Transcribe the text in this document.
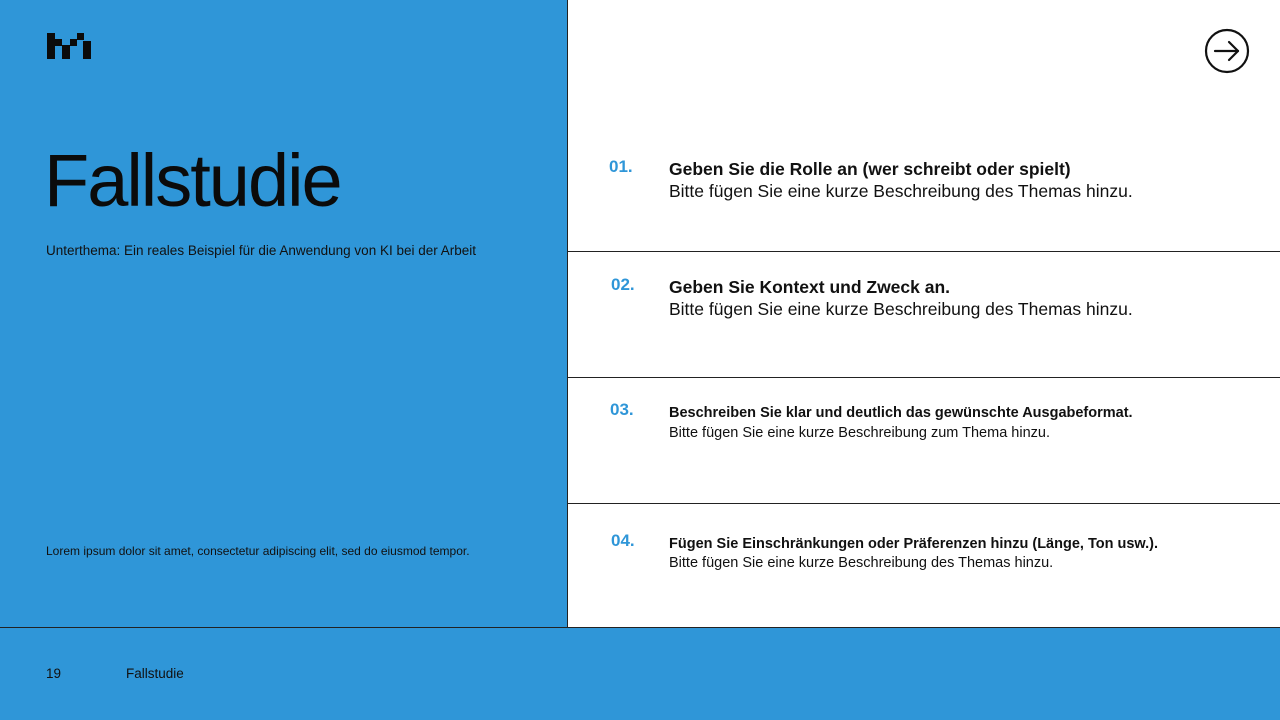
Fallstudie

Unterthema: Ein reales Beispiel für die Anwendung von KI bei der Arbeit

Lorem ipsum dolor sit amet, consectetur adipiscing elit, sed do eiusmod tempor.

01. Geben Sie die Rolle an (wer schreibt oder spielt)
Bitte fügen Sie eine kurze Beschreibung des Themas hinzu.
02. Geben Sie Kontext und Zweck an.
Bitte fügen Sie eine kurze Beschreibung des Themas hinzu.
03. Beschreiben Sie klar und deutlich das gewünschte Ausgabeformat.
Bitte fügen Sie eine kurze Beschreibung zum Thema hinzu.
04. Fügen Sie Einschränkungen oder Präferenzen hinzu (Länge, Ton usw.).
Bitte fügen Sie eine kurze Beschreibung des Themas hinzu.
19	Fallstudie
